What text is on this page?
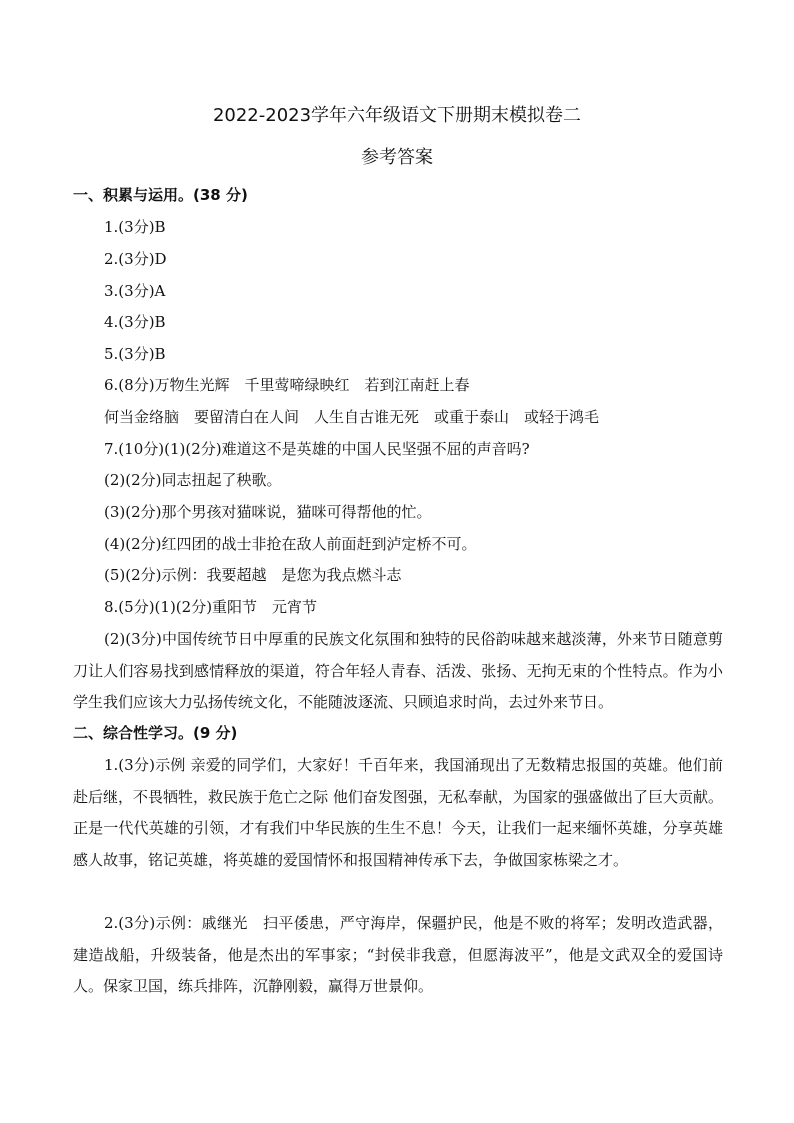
2022-2023学年六年级语文下册期末模拟卷二
参考答案
一、积累与运用。(38 分)
1.(3分)B
2.(3分)D
3.(3分)A
4.(3分)B
5.(3分)B
6.(8分)万物生光辉　千里莺啼绿映红　若到江南赶上春
何当金络脑　要留清白在人间　人生自古谁无死　或重于泰山　或轻于鸿毛
7.(10分)(1)(2分)难道这不是英雄的中国人民坚强不屈的声音吗?
(2)(2分)同志扭起了秧歌。
(3)(2分)那个男孩对猫咪说，猫咪可得帮他的忙。
(4)(2分)红四团的战士非抢在敌人前面赶到泸定桥不可。
(5)(2分)示例：我要超越　是您为我点燃斗志
8.(5分)(1)(2分)重阳节　元宵节
(2)(3分)中国传统节日中厚重的民族文化氛围和独特的民俗韵味越来越淡薄，外来节日随意剪刀让人们容易找到感情释放的渠道，符合年轻人青春、活泼、张扬、无拘无束的个性特点。作为小学生我们应该大力弘扬传统文化，不能随波逐流、只顾追求时尚，去过外来节日。
二、综合性学习。(9 分)
1.(3分)示例 亲爱的同学们，大家好！千百年来，我国涌现出了无数精忠报国的英雄。他们前赴后继，不畏牺牲，救民族于危亡之际 他们奋发图强，无私奉献，为国家的强盛做出了巨大贡献。正是一代代英雄的引领，才有我们中华民族的生生不息！今天，让我们一起来缅怀英雄，分享英雄感人故事，铭记英雄，将英雄的爱国情怀和报国精神传承下去，争做国家栋梁之才。
2.(3分)示例：戚继光　扫平倭患，严守海岸，保疆护民，他是不败的将军；发明改造武器，建造战船，升级装备，他是杰出的军事家；“封侯非我意，但愿海波平”，他是文武双全的爱国诗人。保家卫国，练兵排阵，沉静刚毅，赢得万世景仰。
